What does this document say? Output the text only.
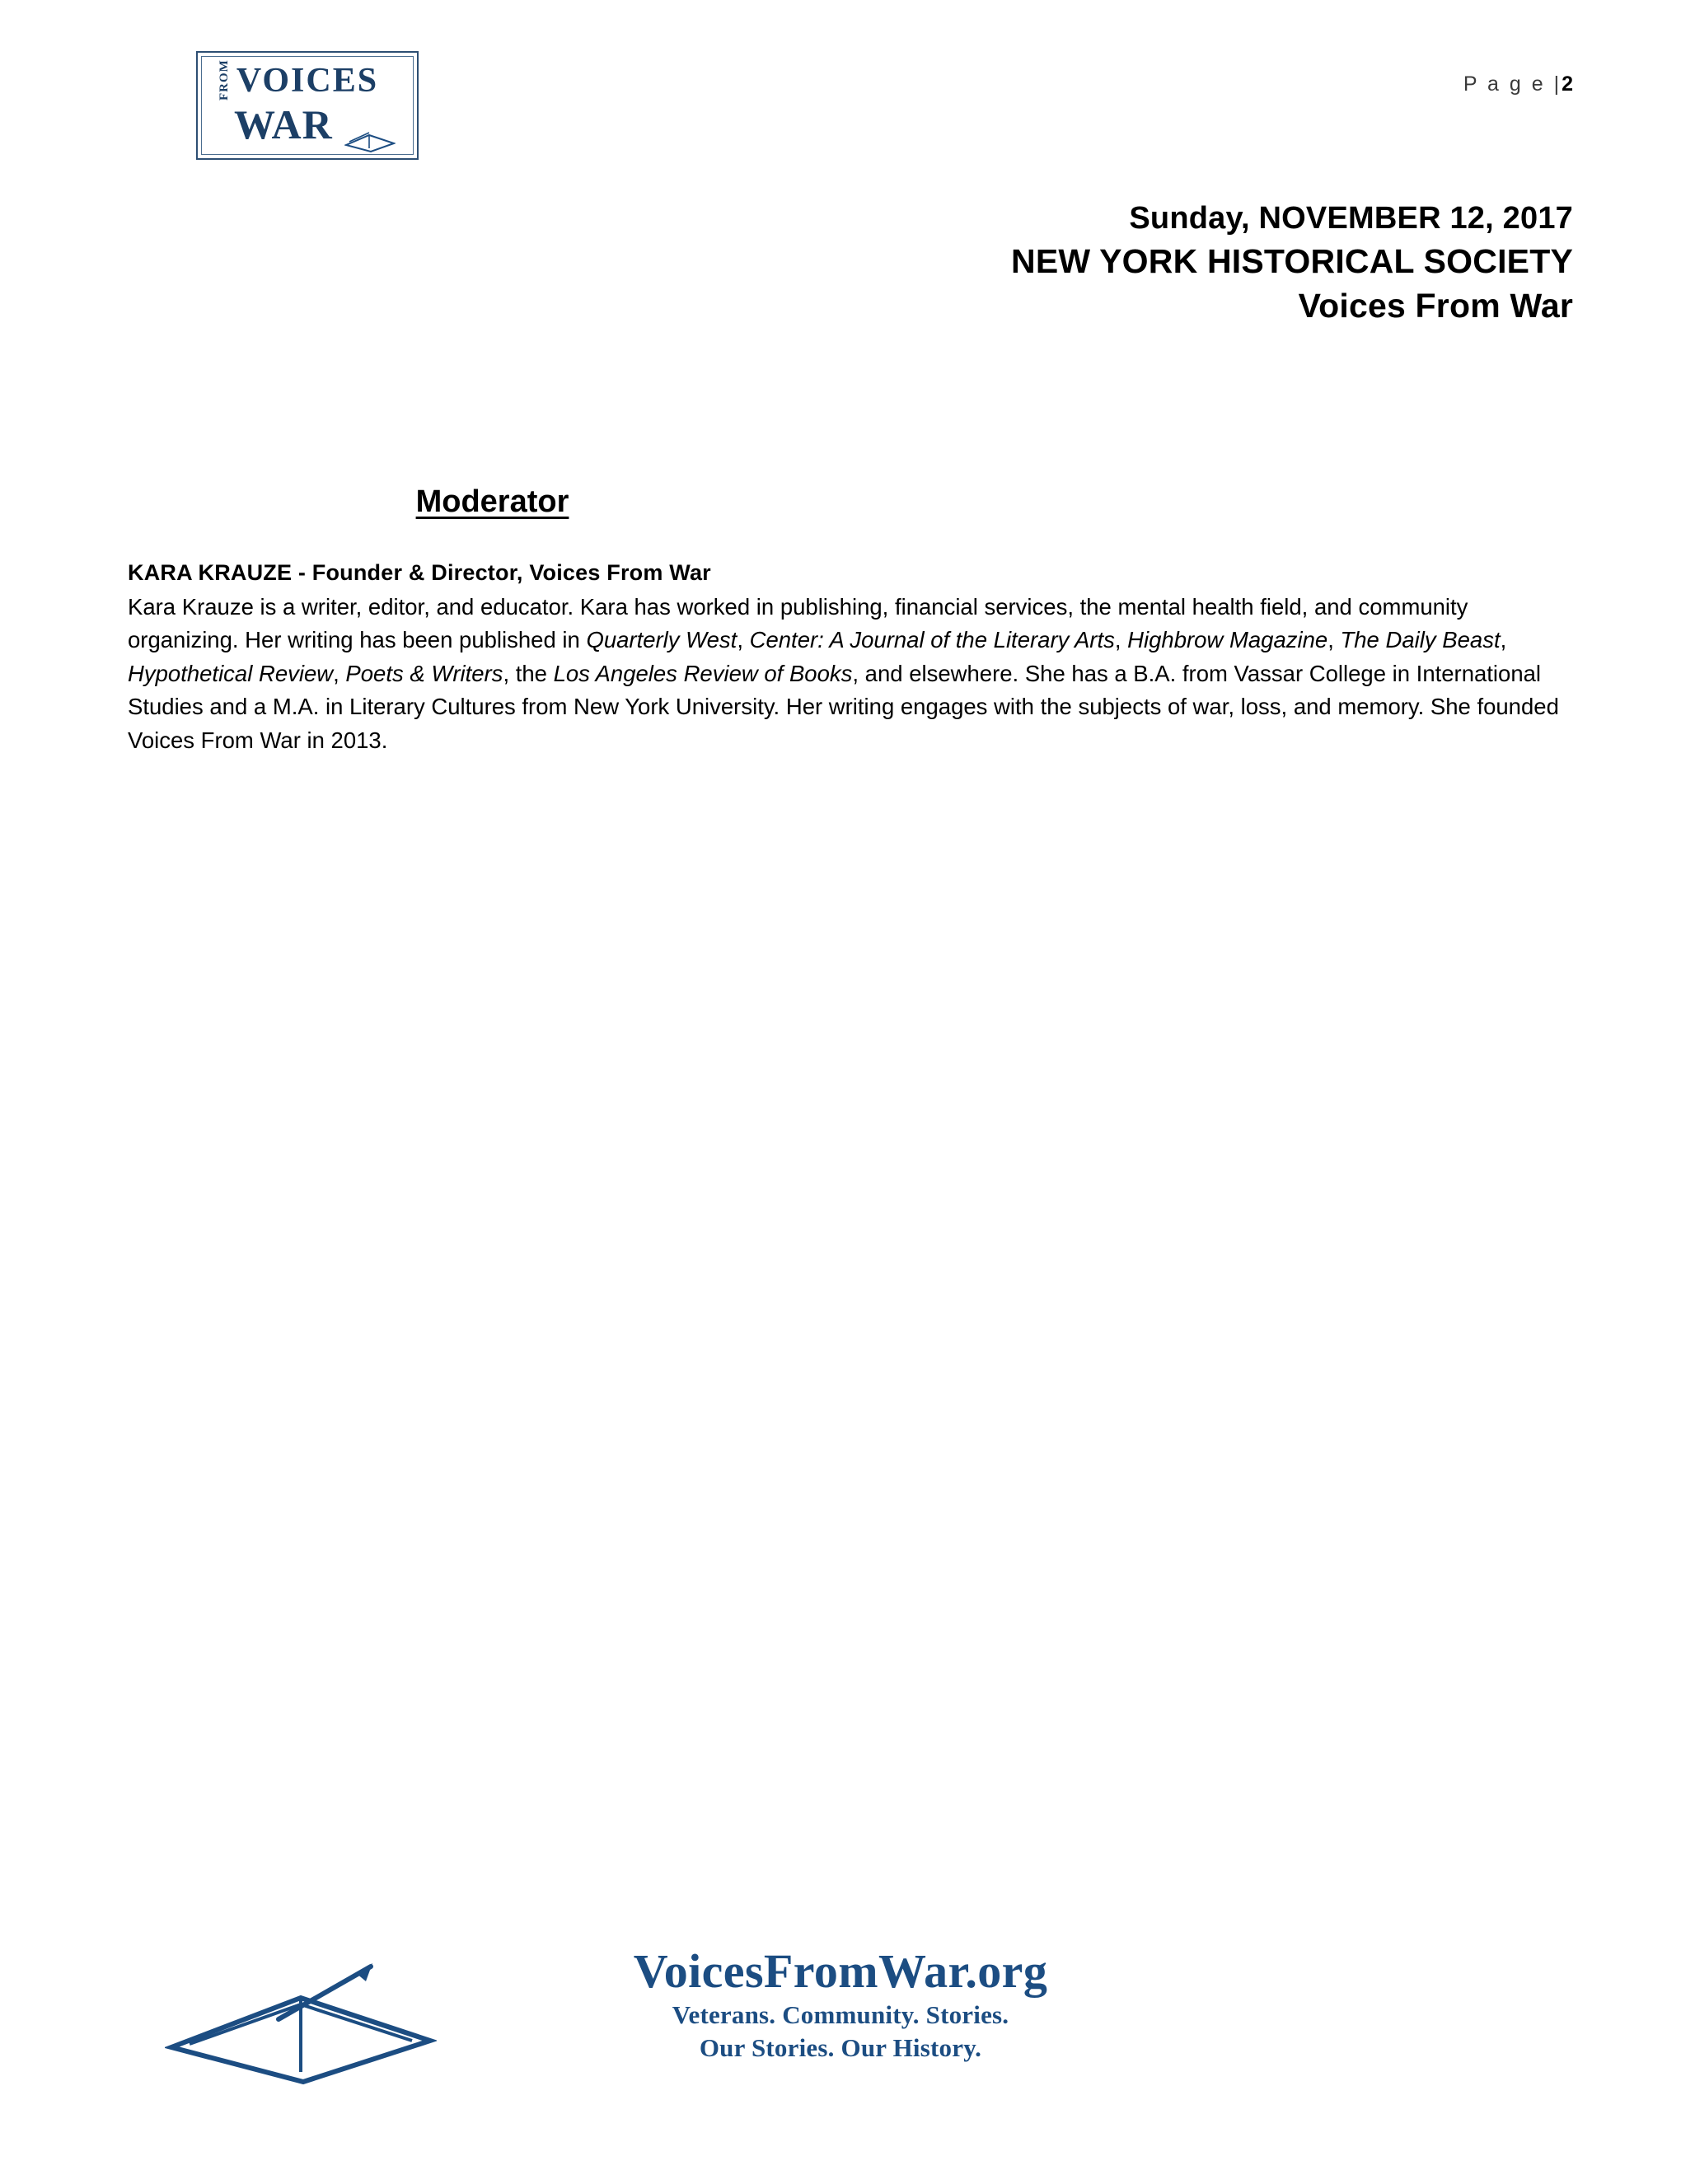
VOICES
FROM
WAR
P a g e |2
Sunday, NOVEMBER 12, 2017
NEW YORK HISTORICAL SOCIETY
Voices From War
Moderator

KARA KRAUZE - Founder & Director, Voices From War

Kara Krauze is a writer, editor, and educator. Kara has worked in publishing, financial services, the mental health field, and community organizing. Her writing has been published in Quarterly West, Center: A Journal of the Literary Arts, Highbrow Magazine, The Daily Beast, Hypothetical Review, Poets & Writers, the Los Angeles Review of Books, and elsewhere. She has a B.A. from Vassar College in International Studies and a M.A. in Literary Cultures from New York University. Her writing engages with the subjects of war, loss, and memory. She founded Voices From War in 2013.

VoicesFromWar.org
Veterans. Community. Stories.
Our Stories. Our History.
